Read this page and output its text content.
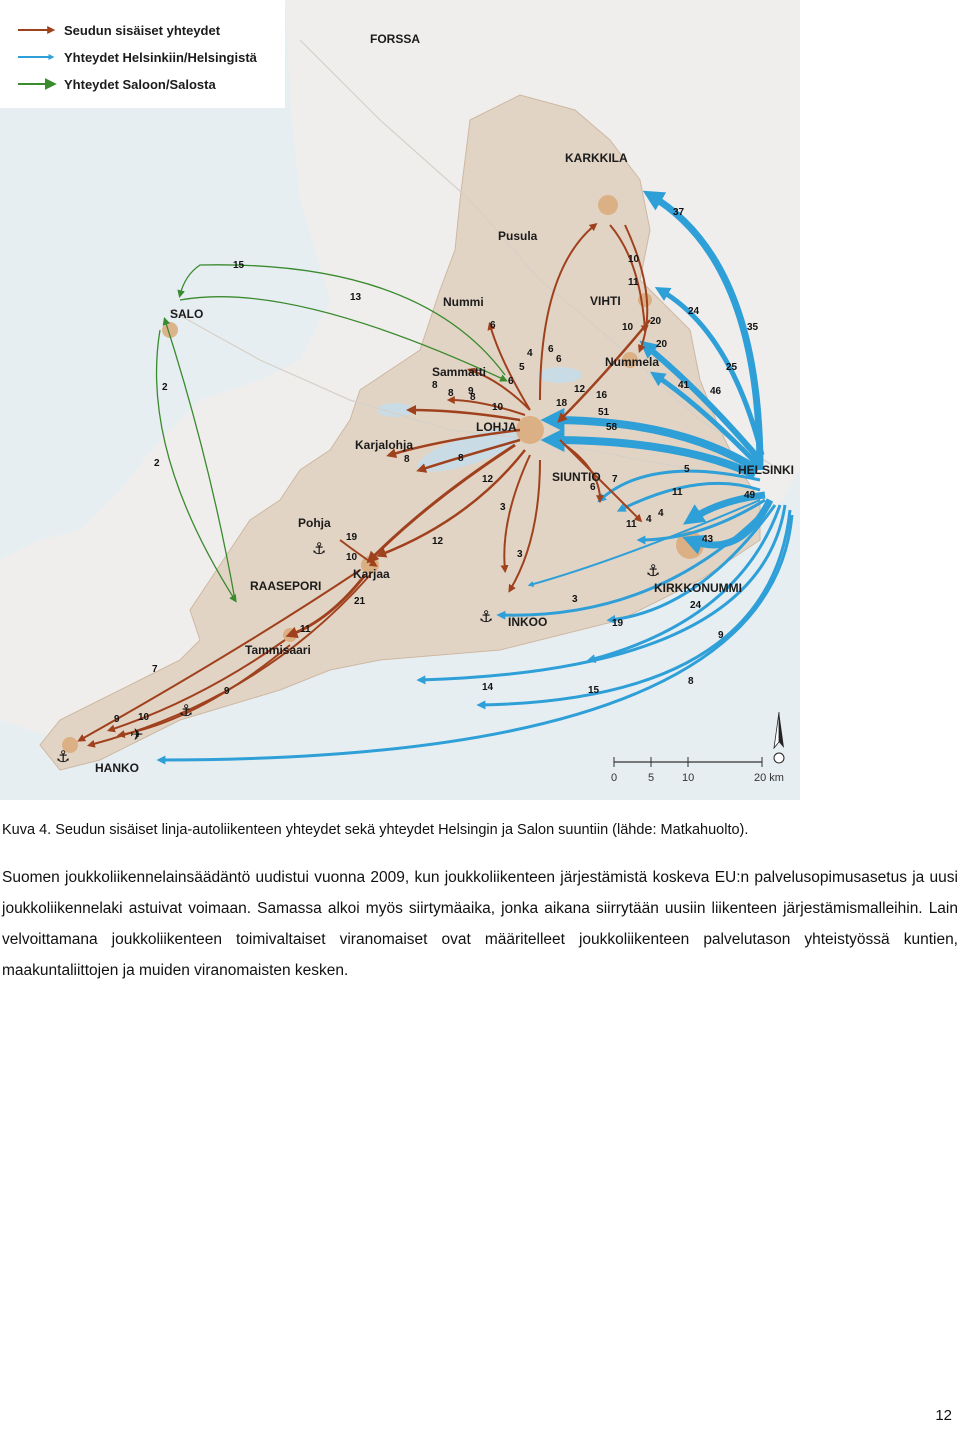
Seudun sisäiset yhteydet
Yhteydet Helsinkiin/Helsingistä
Yhteydet Saloon/Salosta
FORSSA
KARKKILA
Pusula
SALO
Nummi	VIHTI
Nummela
Sammatti
LOHJA
Karjalohja
SIUNTIO	HELSINKI
Pohja
Karjaa
RAASEPORI
INKOO
KIRKKONUMMI
Tammisaari
HANKO
15
13
2
2
37
10
11
10
20
20
24
35
25
41
46
6
6
5
4
6
6
8
8 9
8
10
12
16
18
51
58
8	8
12
3
3
6
7
5
11	49
11 4
4
43
19
10
12
21
11
3
19
24
9
7
9
9 10
14	15
8
⚓
⚓
⚓
⚓
⚓
✈
0	5	10	20 km

Kuva 4. Seudun sisäiset linja-autoliikenteen yhteydet sekä yhteydet Helsingin ja Salon suuntiin (lähde: Matkahuolto).

Suomen joukkoliikennelainsäädäntö uudistui vuonna 2009, kun joukkoliikenteen järjestämistä koskeva EU:n palvelusopimusasetus ja uusi joukkoliikennelaki astuivat voimaan. Samassa alkoi myös siirtymäaika, jonka aikana siirrytään uusiin liikenteen järjestämismalleihin. Lain velvoittamana joukkoliikenteen toimivaltaiset viranomaiset ovat määritelleet joukkoliikenteen palvelutason yhteistyössä kuntien, maakuntaliittojen ja muiden viranomaisten kesken.

12
